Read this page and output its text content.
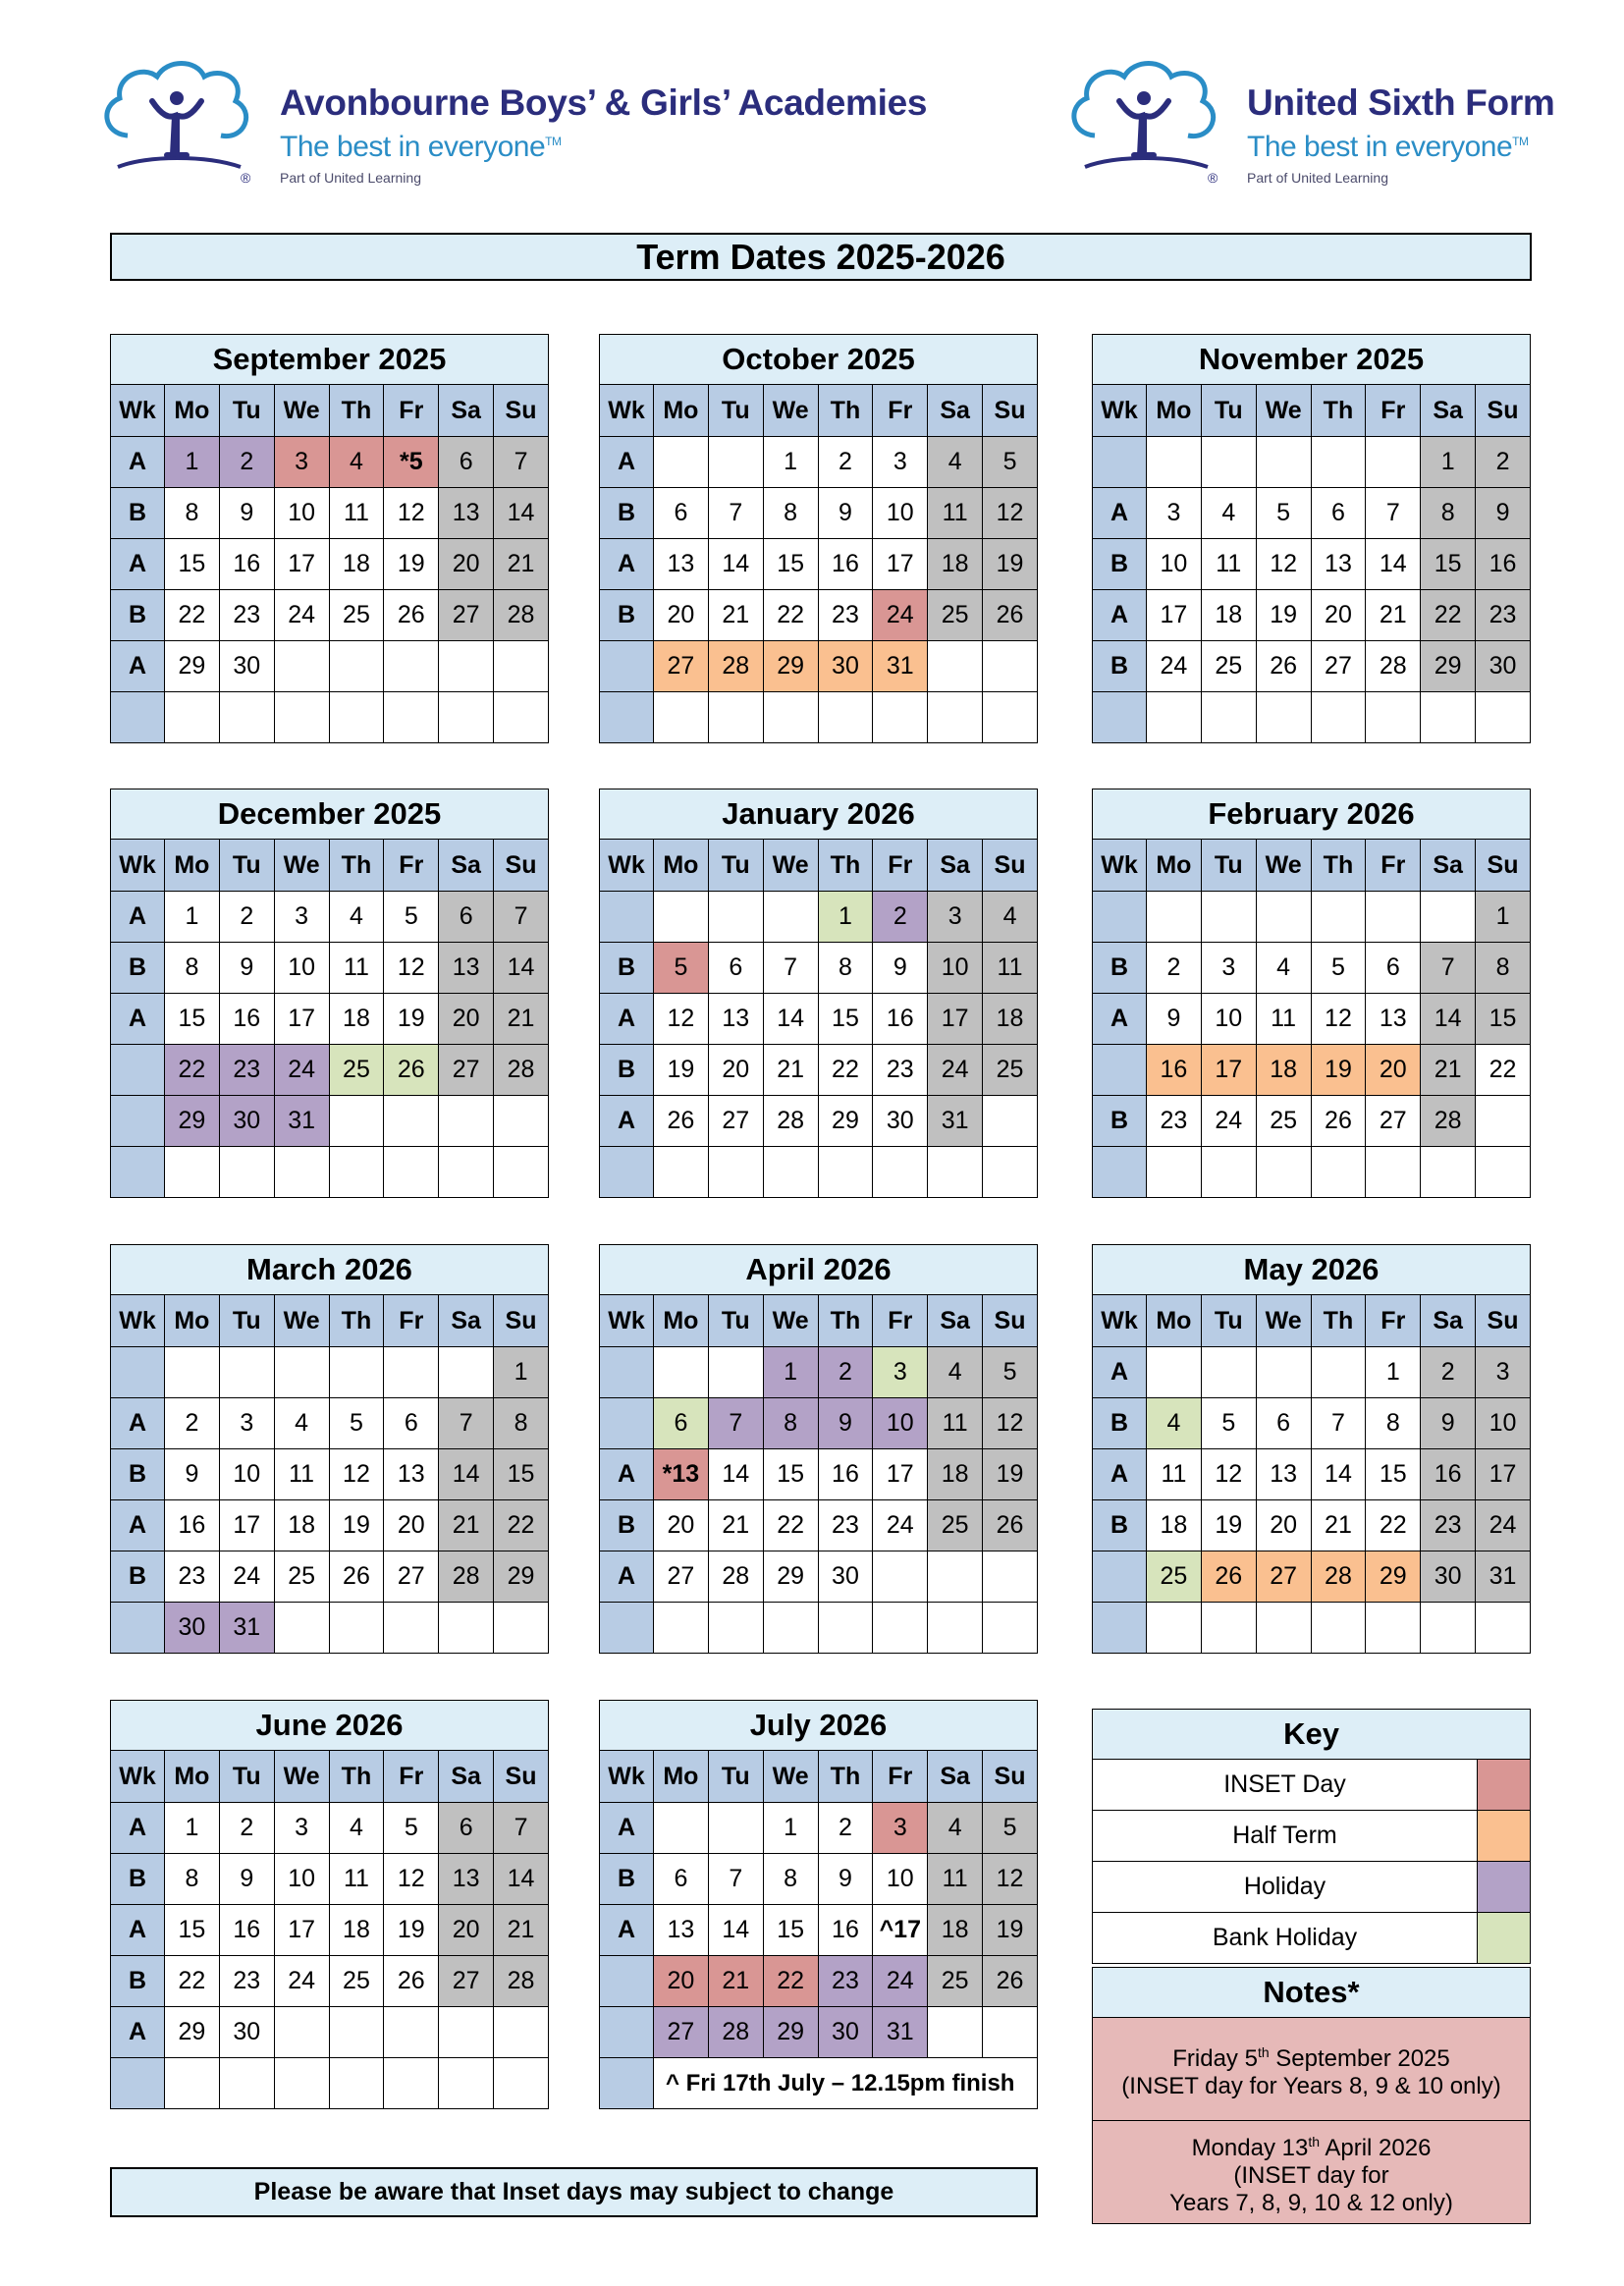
®
Avonbourne Boys’ & Girls’ Academies
The best in everyone™
Part of United Learning	®
United Sixth Form
The best in everyone™
Part of United Learning
Term Dates 2025-2026
September 2025							
Wk	Mo	Tu	We	Th	Fr	Sa	Su
A	1	2	3	4	*5	6	7
B	8	9	10	11	12	13	14
A	15	16	17	18	19	20	21
B	22	23	24	25	26	27	28
A	29	30					

October 2025							
Wk	Mo	Tu	We	Th	Fr	Sa	Su
A			1	2	3	4	5
B	6	7	8	9	10	11	12
A	13	14	15	16	17	18	19
B	20	21	22	23	24	25	26
	27	28	29	30	31		

November 2025							
Wk	Mo	Tu	We	Th	Fr	Sa	Su
						1	2
A	3	4	5	6	7	8	9
B	10	11	12	13	14	15	16
A	17	18	19	20	21	22	23
B	24	25	26	27	28	29	30

December 2025							
Wk	Mo	Tu	We	Th	Fr	Sa	Su
A	1	2	3	4	5	6	7
B	8	9	10	11	12	13	14
A	15	16	17	18	19	20	21
	22	23	24	25	26	27	28
	29	30	31				

January 2026							
Wk	Mo	Tu	We	Th	Fr	Sa	Su
				1	2	3	4
B	5	6	7	8	9	10	11
A	12	13	14	15	16	17	18
B	19	20	21	22	23	24	25
A	26	27	28	29	30	31	

February 2026							
Wk	Mo	Tu	We	Th	Fr	Sa	Su
							1
B	2	3	4	5	6	7	8
A	9	10	11	12	13	14	15
	16	17	18	19	20	21	22
B	23	24	25	26	27	28	

March 2026							
Wk	Mo	Tu	We	Th	Fr	Sa	Su
							1
A	2	3	4	5	6	7	8
B	9	10	11	12	13	14	15
A	16	17	18	19	20	21	22
B	23	24	25	26	27	28	29
	30	31					
April 2026							
Wk	Mo	Tu	We	Th	Fr	Sa	Su
			1	2	3	4	5
	6	7	8	9	10	11	12
A	*13	14	15	16	17	18	19
B	20	21	22	23	24	25	26
A	27	28	29	30			

May 2026							
Wk	Mo	Tu	We	Th	Fr	Sa	Su
A					1	2	3
B	4	5	6	7	8	9	10
A	11	12	13	14	15	16	17
B	18	19	20	21	22	23	24
	25	26	27	28	29	30	31

June 2026							
Wk	Mo	Tu	We	Th	Fr	Sa	Su
A	1	2	3	4	5	6	7
B	8	9	10	11	12	13	14
A	15	16	17	18	19	20	21
B	22	23	24	25	26	27	28
A	29	30					

July 2026							
Wk	Mo	Tu	We	Th	Fr	Sa	Su
A			1	2	3	4	5
B	6	7	8	9	10	11	12
A	13	14	15	16	^17	18	19
	20	21	22	23	24	25	26
	27	28	29	30	31		
	^ Fri 17th July – 12.15pm finish						
Key	
INSET Day	
Half Term	
Holiday	
Bank Holiday	
Notes*
Friday 5th September 2025
(INSET day for Years 8, 9 & 10 only)
Monday 13th April 2026
(INSET day for
Years 7, 8, 9, 10 & 12 only)
Please be aware that Inset days may subject to change
